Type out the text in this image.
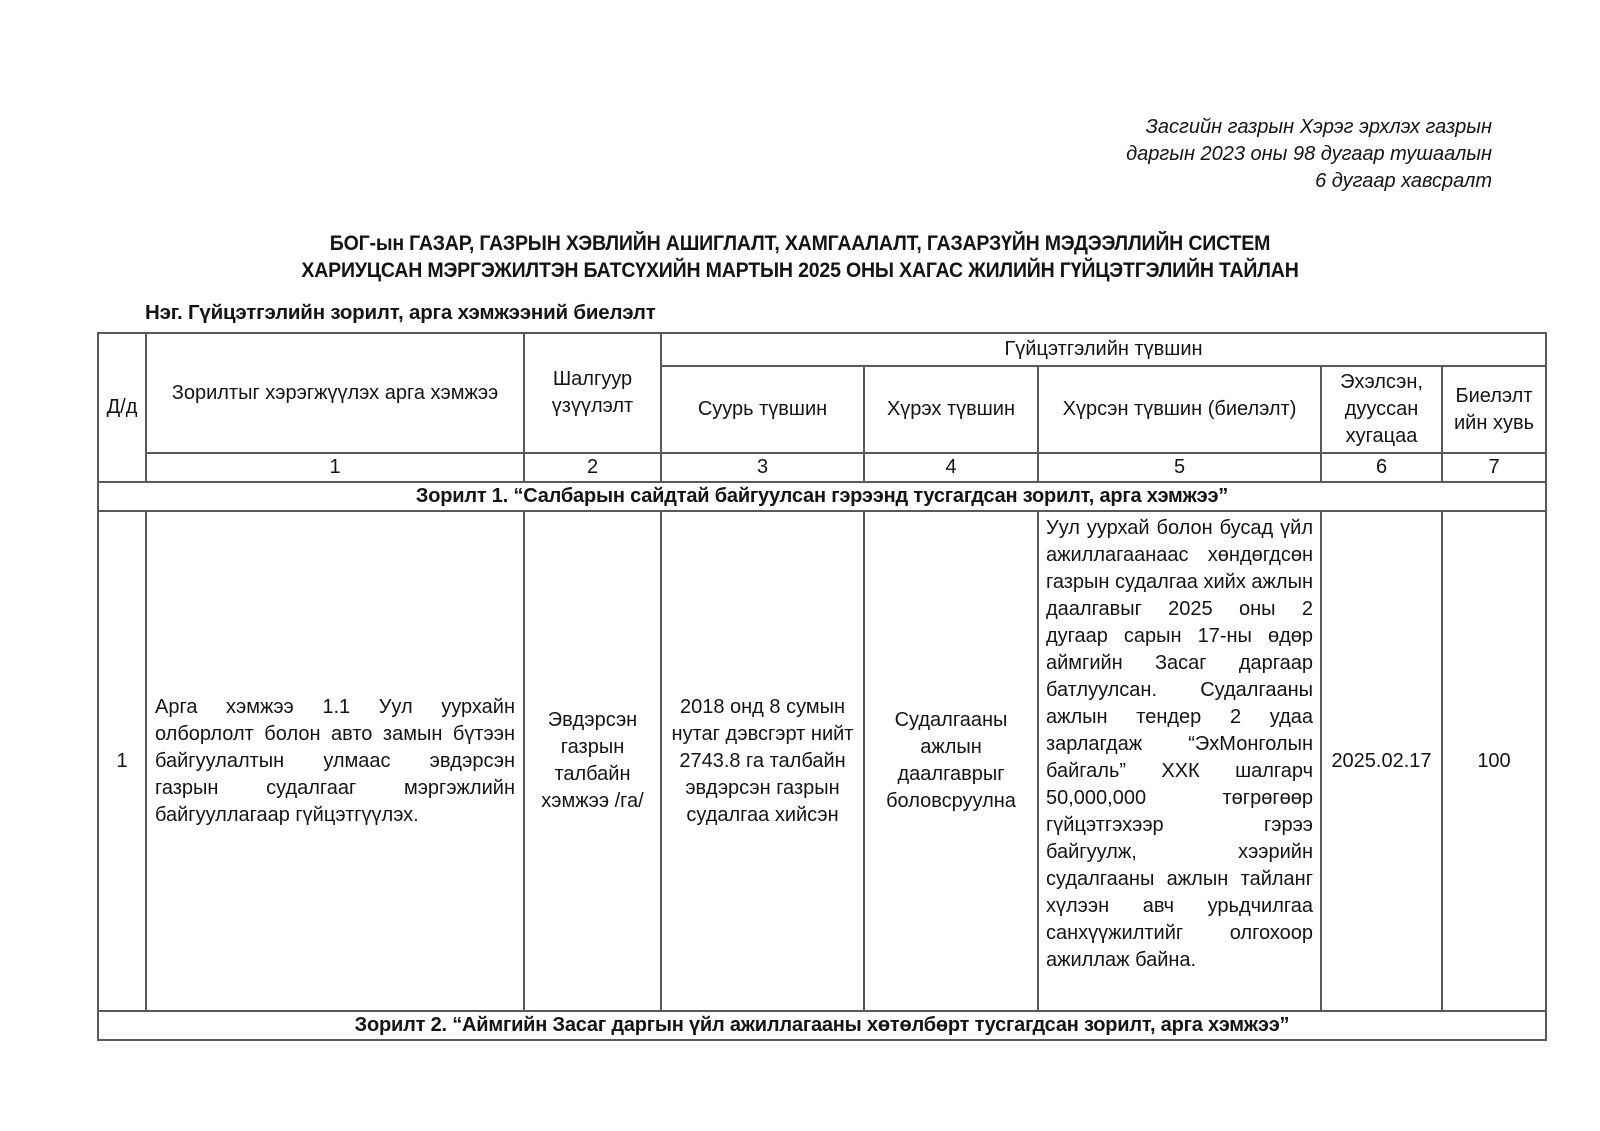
Засгийн газрын Хэрэг эрхлэх газрын
даргын 2023 оны 98 дугаар тушаалын
6 дугаар хавсралт
БОГ-ын ГАЗАР, ГАЗРЫН ХЭВЛИЙН АШИГЛАЛТ, ХАМГААЛАЛТ, ГАЗАРЗҮЙН МЭДЭЭЛЛИЙН СИСТЕМ
ХАРИУЦСАН МЭРГЭЖИЛТЭН БАТСҮХИЙН МАРТЫН 2025 ОНЫ ХАГАС ЖИЛИЙН ГҮЙЦЭТГЭЛИЙН ТАЙЛАН
Нэг. Гүйцэтгэлийн зорилт, арга хэмжээний биелэлт
Д/д	Зорилтыг хэрэгжүүлэх арга хэмжээ	Шалгуур үзүүлэлт	Гүйцэтгэлийн түвшин				
			Суурь түвшин	Хүрэх түвшин	Хүрсэн түвшин (биелэлт)	Эхэлсэн, дууссан хугацаа	Биелэлт ийн хувь
	1	2	3	4	5	6	7
Зорилт 1. “Салбарын сайдтай байгуулсан гэрээнд тусгагдсан зорилт, арга хэмжээ”							
1	Арга хэмжээ 1.1 Уул уурхайн олборлолт болон авто замын бүтээн байгуулалтын улмаас эвдэрсэн газрын судалгааг мэргэжлийн байгууллагаар гүйцэтгүүлэх.	Эвдэрсэн газрын талбайн хэмжээ /га/	2018 онд 8 сумын нутаг дэвсгэрт нийт 2743.8 га талбайн эвдэрсэн газрын судалгаа хийсэн	Судалгааны ажлын даалгаврыг боловсруулна	Уул уурхай болон бусад үйл ажиллагаанаас хөндөгдсөн газрын судалгаа хийх ажлын даалгавыг 2025 оны 2 дугаар сарын 17-ны өдөр аймгийн Засаг даргаар батлуулсан. Судалгааны ажлын тендер 2 удаа зарлагдаж “ЭхМонголын байгаль” ХХК шалгарч 50,000,000 төгрөгөөр гүйцэтгэхээр гэрээ байгуулж, хээрийн судалгааны ажлын тайланг хүлээн авч урьдчилгаа санхүүжилтийг олгохоор ажиллаж байна.	2025.02.17	100
Зорилт 2. “Аймгийн Засаг даргын үйл ажиллагааны хөтөлбөрт тусгагдсан зорилт, арга хэмжээ”							
